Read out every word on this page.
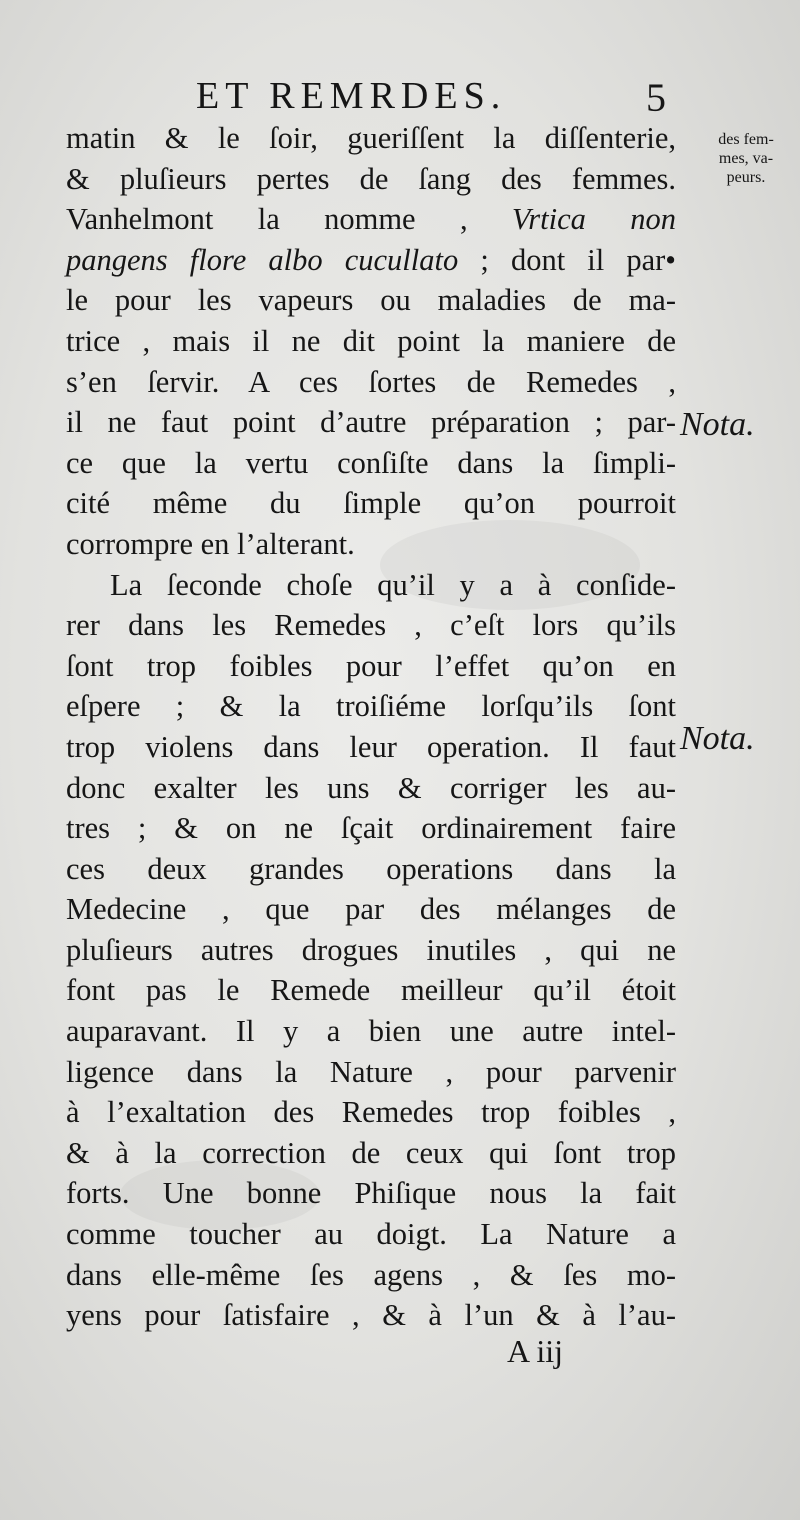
ET REMRDES.	5
des fem-
mes, va-
peurs.
Nota.
Nota.
matin & le ſoir, gueriſſent la diſſenterie,
& pluſieurs pertes de ſang des femmes.
Vanhelmont la nomme , Vrtica non
pangens flore albo cucullato ; dont il par•
le pour les vapeurs ou maladies de ma-
trice , mais il ne dit point la maniere de
s’en ſervir. A ces ſortes de Remedes ,
il ne faut point d’autre préparation ; par-
ce que la vertu conſiſte dans la ſimpli-
cité même du ſimple qu’on pourroit
corrompre en l’alterant.
La ſeconde choſe qu’il y a à conſide-
rer dans les Remedes , c’eſt lors qu’ils
ſont trop foibles pour l’effet qu’on en
eſpere ; & la troiſiéme lorſqu’ils ſont
trop violens dans leur operation. Il faut
donc exalter les uns & corriger les au-
tres ; & on ne ſçait ordinairement faire
ces deux grandes operations dans la
Medecine , que par des mélanges de
pluſieurs autres drogues inutiles , qui ne
font pas le Remede meilleur qu’il étoit
auparavant. Il y a bien une autre intel-
ligence dans la Nature , pour parvenir
à l’exaltation des Remedes trop foibles ,
& à la correction de ceux qui ſont trop
forts. Une bonne Phiſique nous la fait
comme toucher au doigt. La Nature a
dans elle-même ſes agens , & ſes mo-
yens pour ſatisfaire , & à l’un & à l’au-
A iij
